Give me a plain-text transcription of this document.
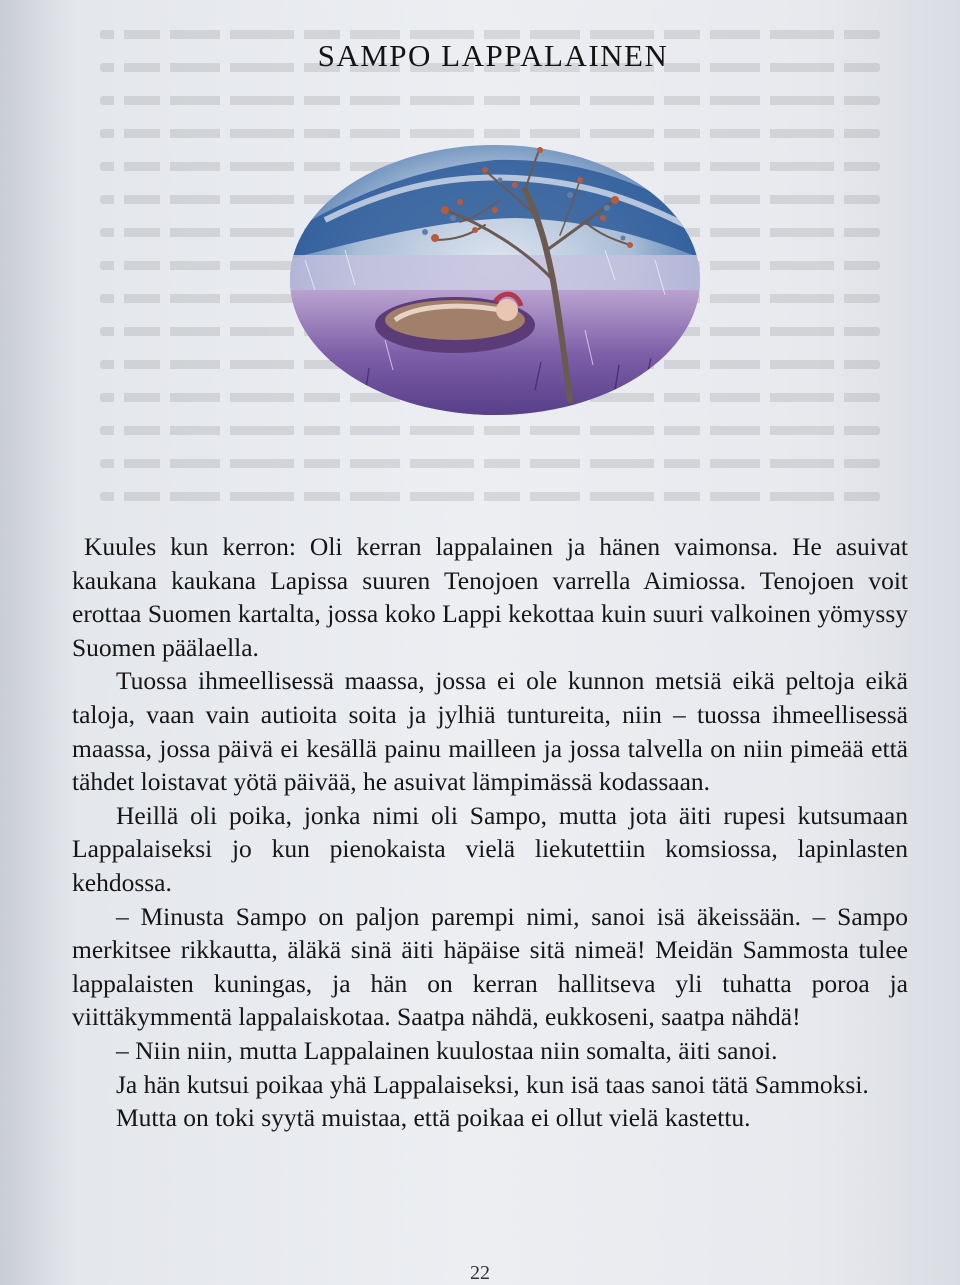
SAMPO LAPPALAINEN

Kuules kun kerron: Oli kerran lappalainen ja hänen vaimonsa. He asuivat kaukana kaukana Lapissa suuren Tenojoen varrella Aimiossa. Tenojoen voit erottaa Suomen kartalta, jossa koko Lappi kekottaa kuin suuri valkoinen yömyssy Suomen päälaella.

Tuossa ihmeellisessä maassa, jossa ei ole kunnon metsiä eikä peltoja eikä taloja, vaan vain autioita soita ja jylhiä tuntureita, niin – tuossa ihmeellisessä maassa, jossa päivä ei kesällä painu mailleen ja jossa talvella on niin pimeää että tähdet loistavat yötä päivää, he asuivat lämpimässä kodassaan.

Heillä oli poika, jonka nimi oli Sampo, mutta jota äiti rupesi kutsumaan Lappalaiseksi jo kun pienokaista vielä liekutettiin komsiossa, lapinlasten kehdossa.

– Minusta Sampo on paljon parempi nimi, sanoi isä äkeissään. – Sampo merkitsee rikkautta, äläkä sinä äiti häpäise sitä nimeä! Meidän Sammosta tulee lappalaisten kuningas, ja hän on kerran hallitseva yli tuhatta poroa ja viittäkymmentä lappalaiskotaa. Saatpa nähdä, eukkoseni, saatpa nähdä!

– Niin niin, mutta Lappalainen kuulostaa niin somalta, äiti sanoi.

Ja hän kutsui poikaa yhä Lappalaiseksi, kun isä taas sanoi tätä Sammoksi.

Mutta on toki syytä muistaa, että poikaa ei ollut vielä kastettu.

22
